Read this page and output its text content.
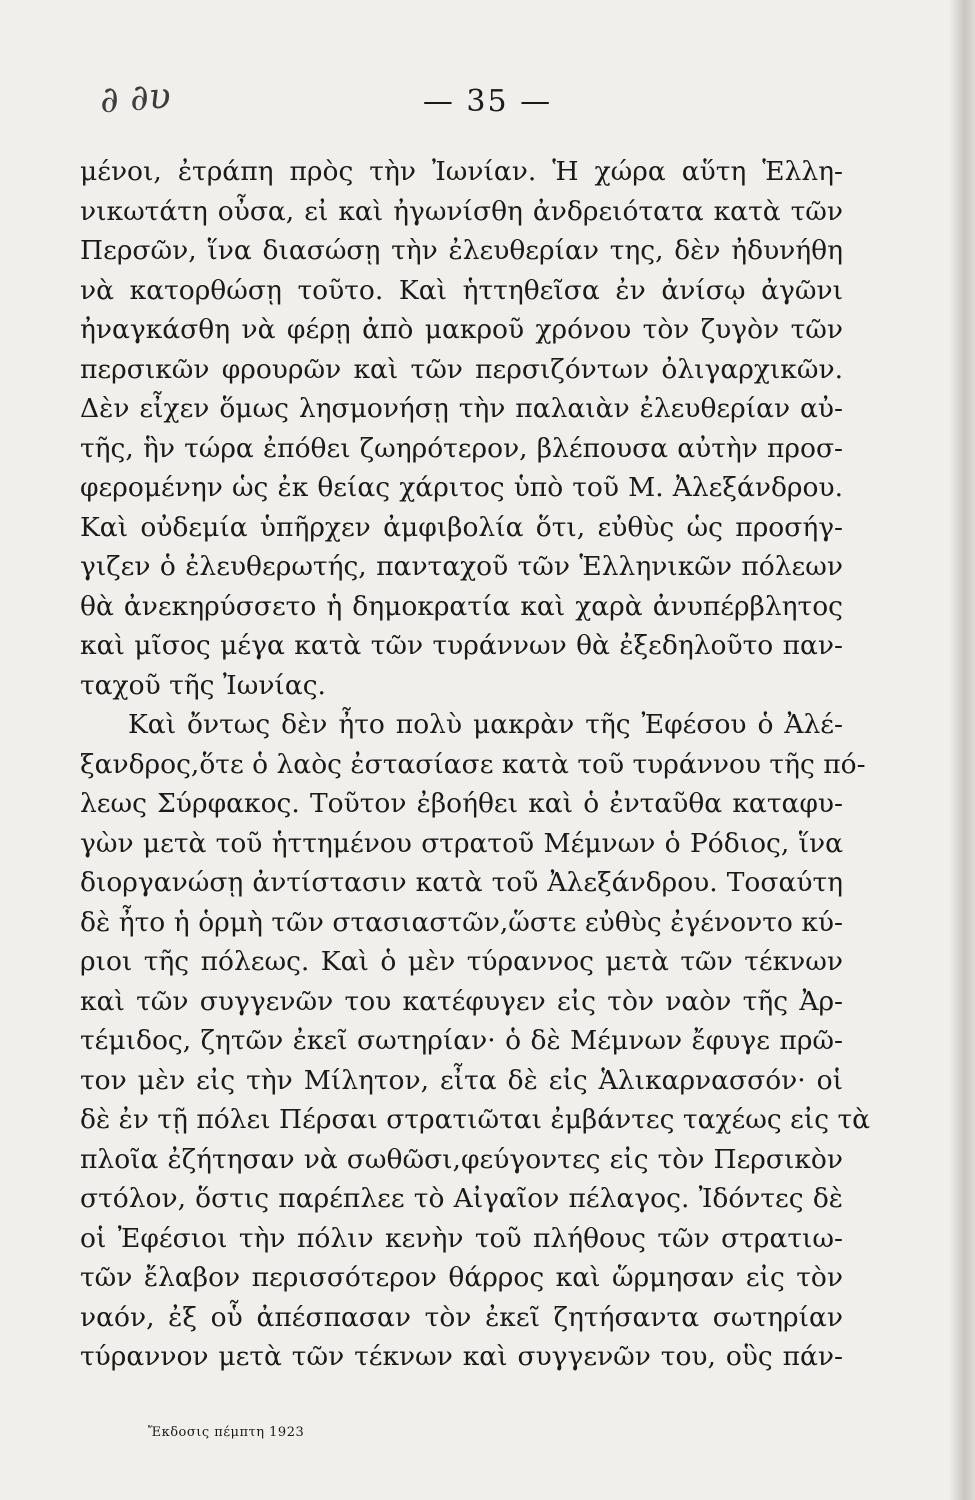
∂ ∂υ	— 35 —
μένοι, ἐτράπη πρὸς τὴν Ἰωνίαν. Ἡ χώρα αὕτη Ἑλλη-
νικωτάτη οὖσα, εἰ καὶ ἠγωνίσθη ἀνδρειότατα κατὰ τῶν
Περσῶν, ἵνα διασώσῃ τὴν ἐλευθερίαν της, δὲν ἠδυνήθη
νὰ κατορθώσῃ τοῦτο. Καὶ ἡττηθεῖσα ἐν ἀνίσῳ ἀγῶνι
ἠναγκάσθη νὰ φέρῃ ἀπὸ μακροῦ χρόνου τὸν ζυγὸν τῶν
περσικῶν φρουρῶν καὶ τῶν περσιζόντων ὀλιγαρχικῶν.
Δὲν εἶχεν ὅμως λησμονήσῃ τὴν παλαιὰν ἐλευθερίαν αὐ-
τῆς, ἣν τώρα ἐπόθει ζωηρότερον, βλέπουσα αὐτὴν προσ-
φερομένην ὡς ἐκ θείας χάριτος ὑπὸ τοῦ Μ. Ἀλεξάνδρου.
Καὶ οὐδεμία ὑπῆρχεν ἀμφιβολία ὅτι, εὐθὺς ὡς προσήγ-
γιζεν ὁ ἐλευθερωτής, πανταχοῦ τῶν Ἑλληνικῶν πόλεων
θὰ ἀνεκηρύσσετο ἡ δημοκρατία καὶ χαρὰ ἀνυπέρβλητος
καὶ μῖσος μέγα κατὰ τῶν τυράννων θὰ ἐξεδηλοῦτο παν-
ταχοῦ τῆς Ἰωνίας.
Καὶ ὄντως δὲν ἦτο πολὺ μακρὰν τῆς Ἐφέσου ὁ Ἀλέ-
ξανδρος,ὅτε ὁ λαὸς ἐστασίασε κατὰ τοῦ τυράννου τῆς πό-
λεως Σύρφακος. Τοῦτον ἐβοήθει καὶ ὁ ἐνταῦθα καταφυ-
γὼν μετὰ τοῦ ἡττημένου στρατοῦ Μέμνων ὁ Ρόδιος, ἵνα
διοργανώσῃ ἀντίστασιν κατὰ τοῦ Ἀλεξάνδρου. Τοσαύτη
δὲ ἦτο ἡ ὁρμὴ τῶν στασιαστῶν,ὥστε εὐθὺς ἐγένοντο κύ-
ριοι τῆς πόλεως. Καὶ ὁ μὲν τύραννος μετὰ τῶν τέκνων
καὶ τῶν συγγενῶν του κατέφυγεν εἰς τὸν ναὸν τῆς Ἀρ-
τέμιδος, ζητῶν ἐκεῖ σωτηρίαν· ὁ δὲ Μέμνων ἔφυγε πρῶ-
τον μὲν εἰς τὴν Μίλητον, εἶτα δὲ εἰς Ἁλικαρνασσόν· οἱ
δὲ ἐν τῇ πόλει Πέρσαι στρατιῶται ἐμβάντες ταχέως εἰς τὰ
πλοῖα ἐζήτησαν νὰ σωθῶσι,φεύγοντες εἰς τὸν Περσικὸν
στόλον, ὅστις παρέπλεε τὸ Αἰγαῖον πέλαγος. Ἰδόντες δὲ
οἱ Ἐφέσιοι τὴν πόλιν κενὴν τοῦ πλήθους τῶν στρατιω-
τῶν ἔλαβον περισσότερον θάρρος καὶ ὥρμησαν εἰς τὸν
ναόν, ἐξ οὗ ἀπέσπασαν τὸν ἐκεῖ ζητήσαντα σωτηρίαν
τύραννον μετὰ τῶν τέκνων καὶ συγγενῶν του, οὓς πάν-
Ἔκδοσις πέμπτη 1923
